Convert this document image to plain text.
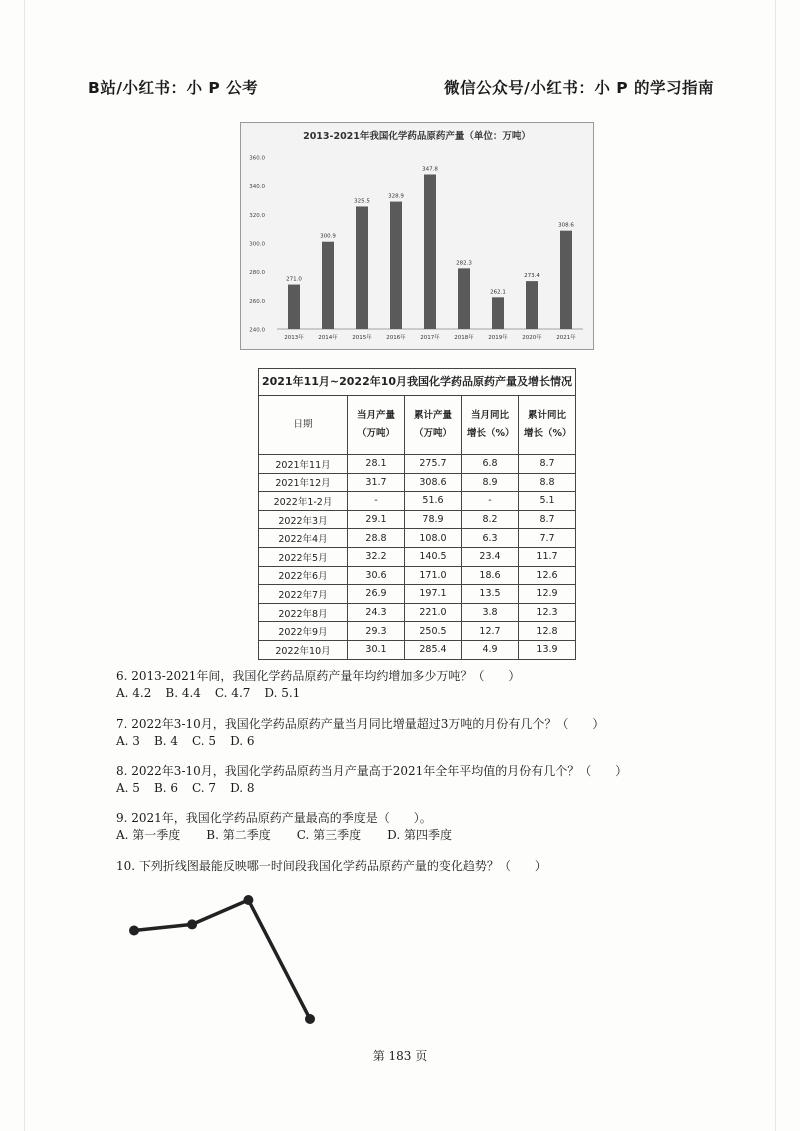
B站/小红书：小 P 公考	微信公众号/小红书：小 P 的学习指南
2013-2021年我国化学药品原药产量（单位：万吨）
240.0
260.0
280.0
300.0
320.0
340.0
360.0
271.0
2013年
300.9
2014年
325.5
2015年
328.9
2016年
347.8
2017年
282.3
2018年
262.1
2019年
273.4
2020年
308.6
2021年
2021年11月~2022年10月我国化学药品原药产量及增长情况
日期	当月产量（万吨）	累计产量（万吨）	当月同比增长（%）	累计同比增长（%）

2021年11月	28.1	275.7	6.8	8.7
2021年12月	31.7	308.6	8.9	8.8
2022年1-2月	-	51.6	-	5.1
2022年3月	29.1	78.9	8.2	8.7
2022年4月	28.8	108.0	6.3	7.7
2022年5月	32.2	140.5	23.4	11.7
2022年6月	30.6	171.0	18.6	12.6
2022年7月	26.9	197.1	13.5	12.9
2022年8月	24.3	221.0	3.8	12.3
2022年9月	29.3	250.5	12.7	12.8
2022年10月	30.1	285.4	4.9	13.9
6. 2013-2021年间，我国化学药品原药产量年均约增加多少万吨？（　　）
A. 4.2 B. 4.4 C. 4.7 D. 5.1
7. 2022年3-10月，我国化学药品原药产量当月同比增量超过3万吨的月份有几个？（　　）
A. 3 B. 4 C. 5 D. 6
8. 2022年3-10月，我国化学药品原药当月产量高于2021年全年平均值的月份有几个？（　　）
A. 5 B. 6 C. 7 D. 8
9. 2021年，我国化学药品原药产量最高的季度是（　　）。
A. 第一季度 B. 第二季度 C. 第三季度 D. 第四季度
10. 下列折线图最能反映哪一时间段我国化学药品原药产量的变化趋势？（　　）
第 183 页
